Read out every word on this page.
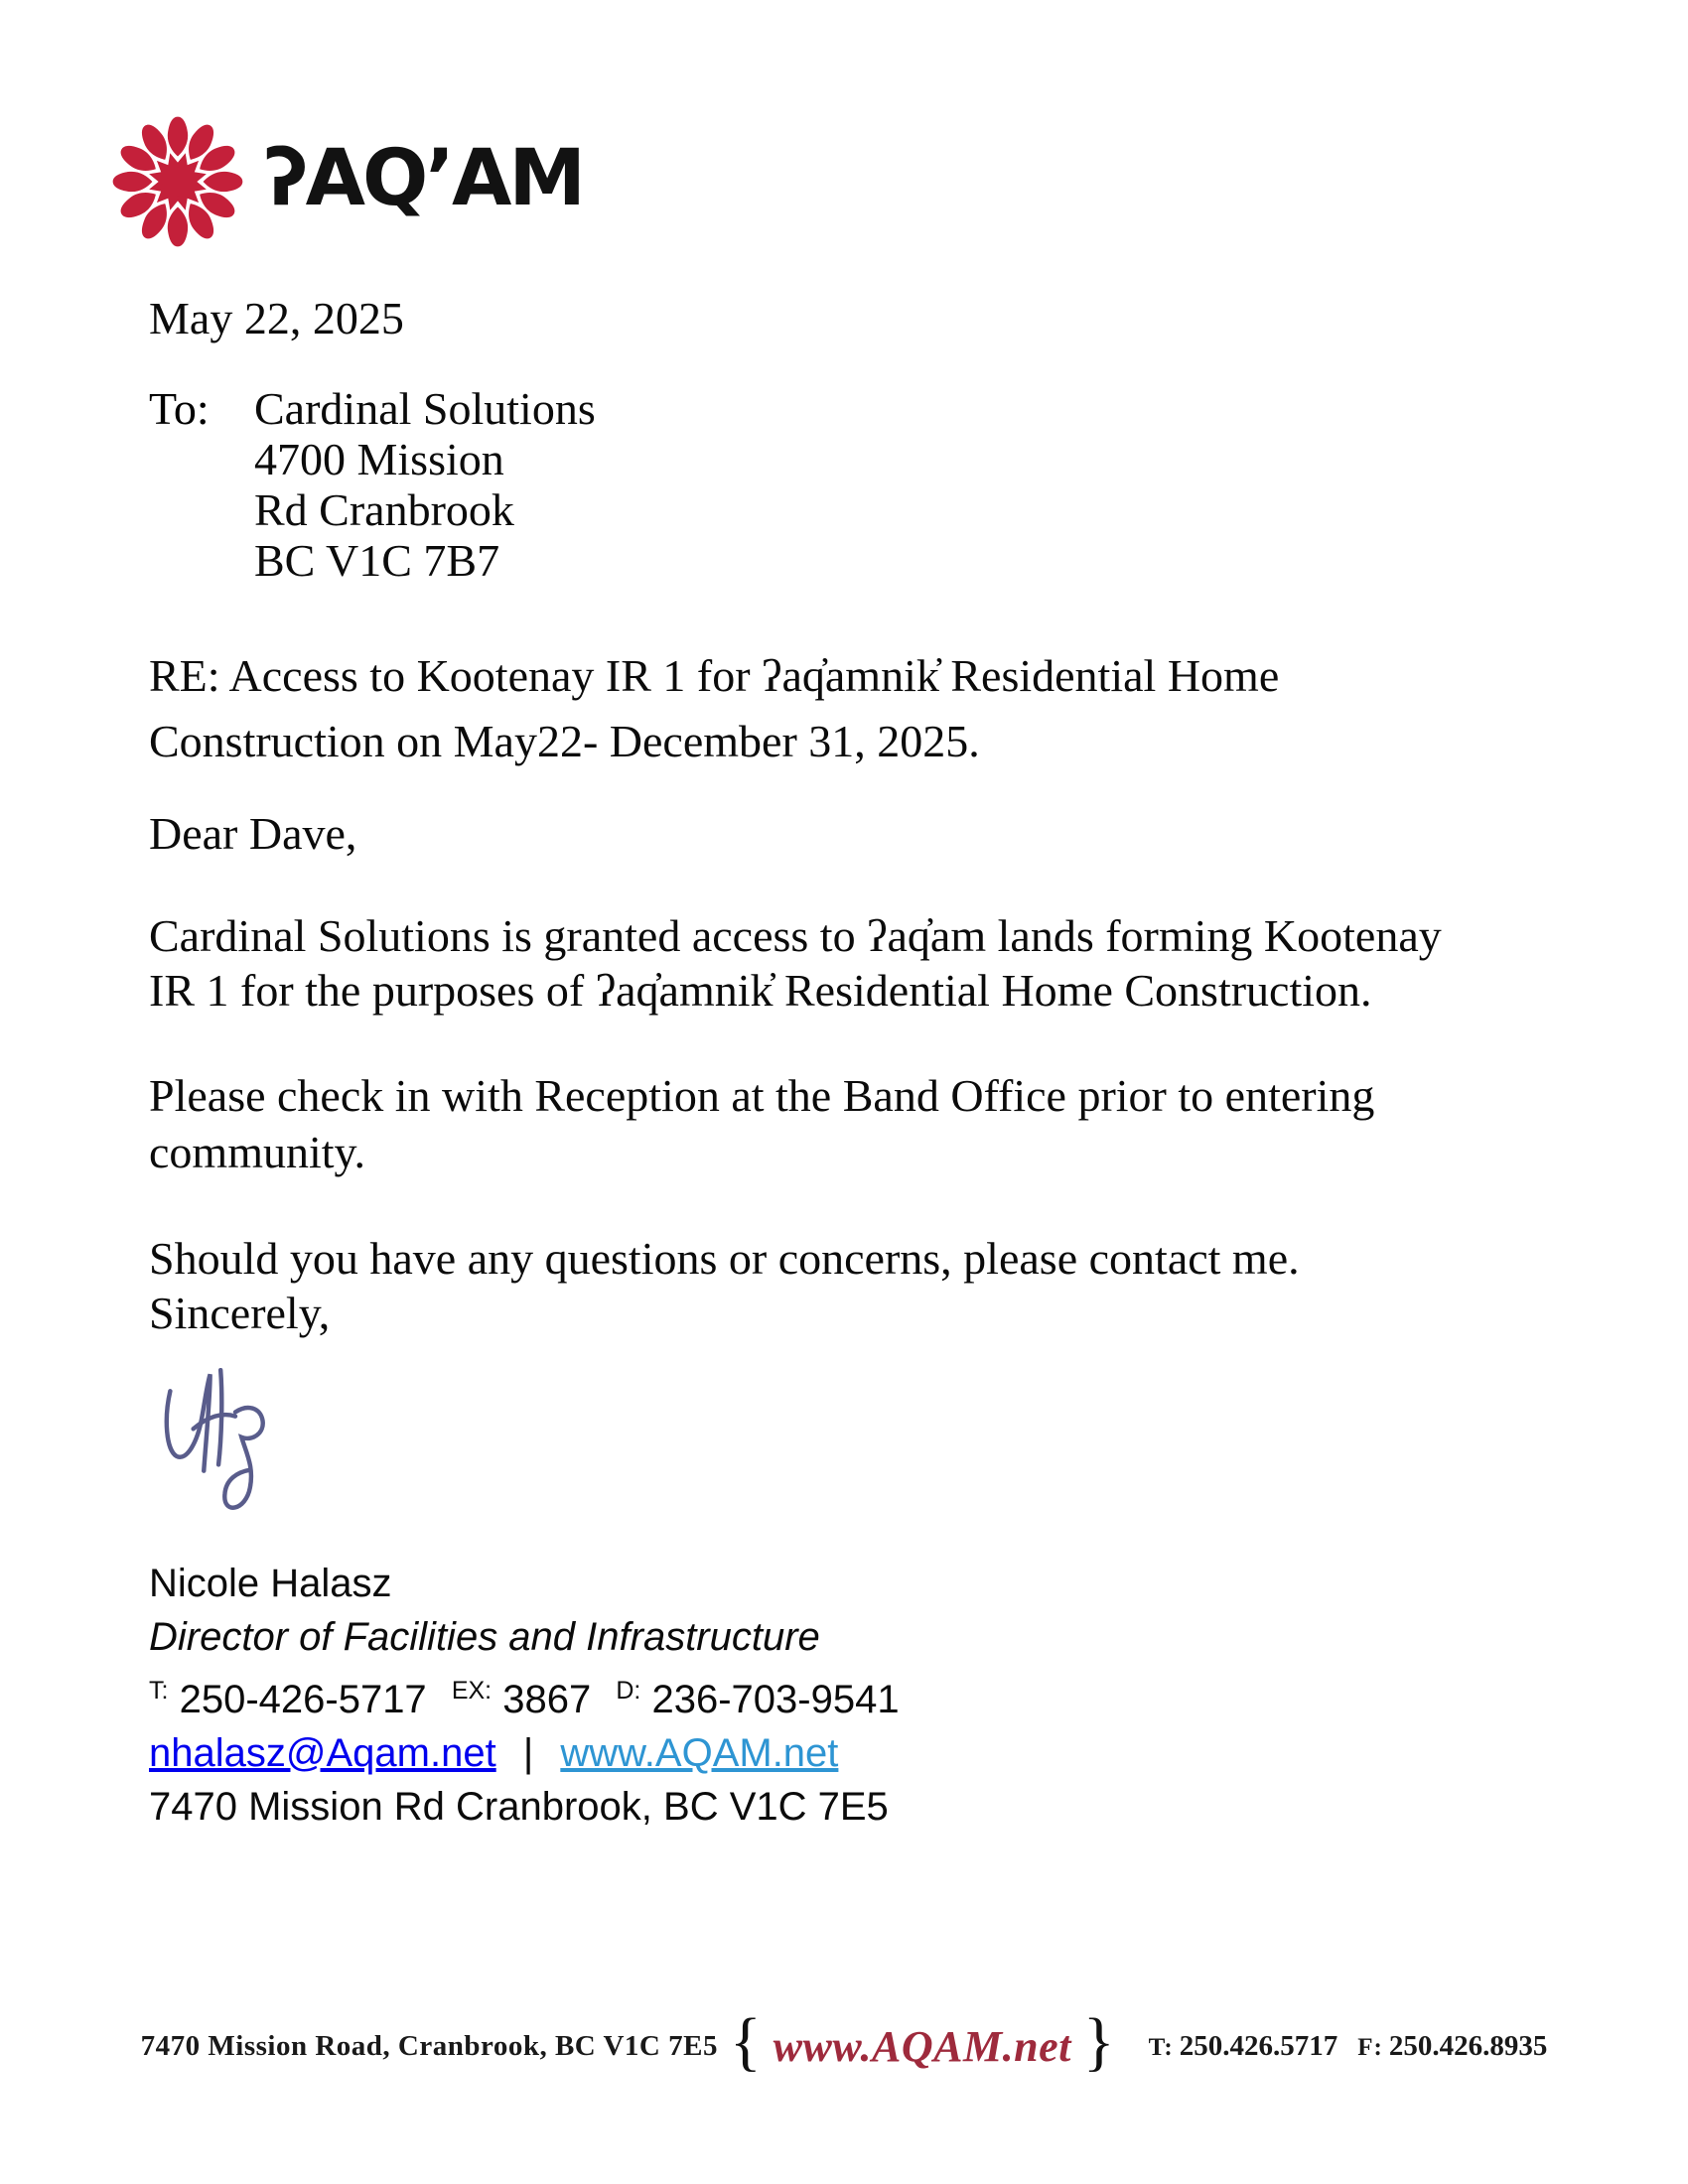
ʔAQʼAM
May 22, 2025
To: Cardinal Solutions
4700 Mission
Rd Cranbrook
BC V1C 7B7
RE: Access to Kootenay IR 1 for ʔaq̓amnik̓ Residential Home
Construction on May22- December 31, 2025.
Dear Dave,
Cardinal Solutions is granted access to ʔaq̓am lands forming Kootenay
IR 1 for the purposes of ʔaq̓amnik̓ Residential Home Construction.
Please check in with Reception at the Band Office prior to entering
community.
Should you have any questions or concerns, please contact me.
Sincerely,
Nicole Halasz
Director of Facilities and Infrastructure
$^{T:}$ 250-426-5717 $^{EX:}$ 3867 $^{D:}$ 236-703-9541
nhalasz@Aqam.net | www.AQAM.net
7470 Mission Rd Cranbrook, BC V1C 7E5
7470 Mission Road, Cranbrook, BC V1C 7E5 { www.AQAM.net }	T: 250.426.5717 F: 250.426.8935
